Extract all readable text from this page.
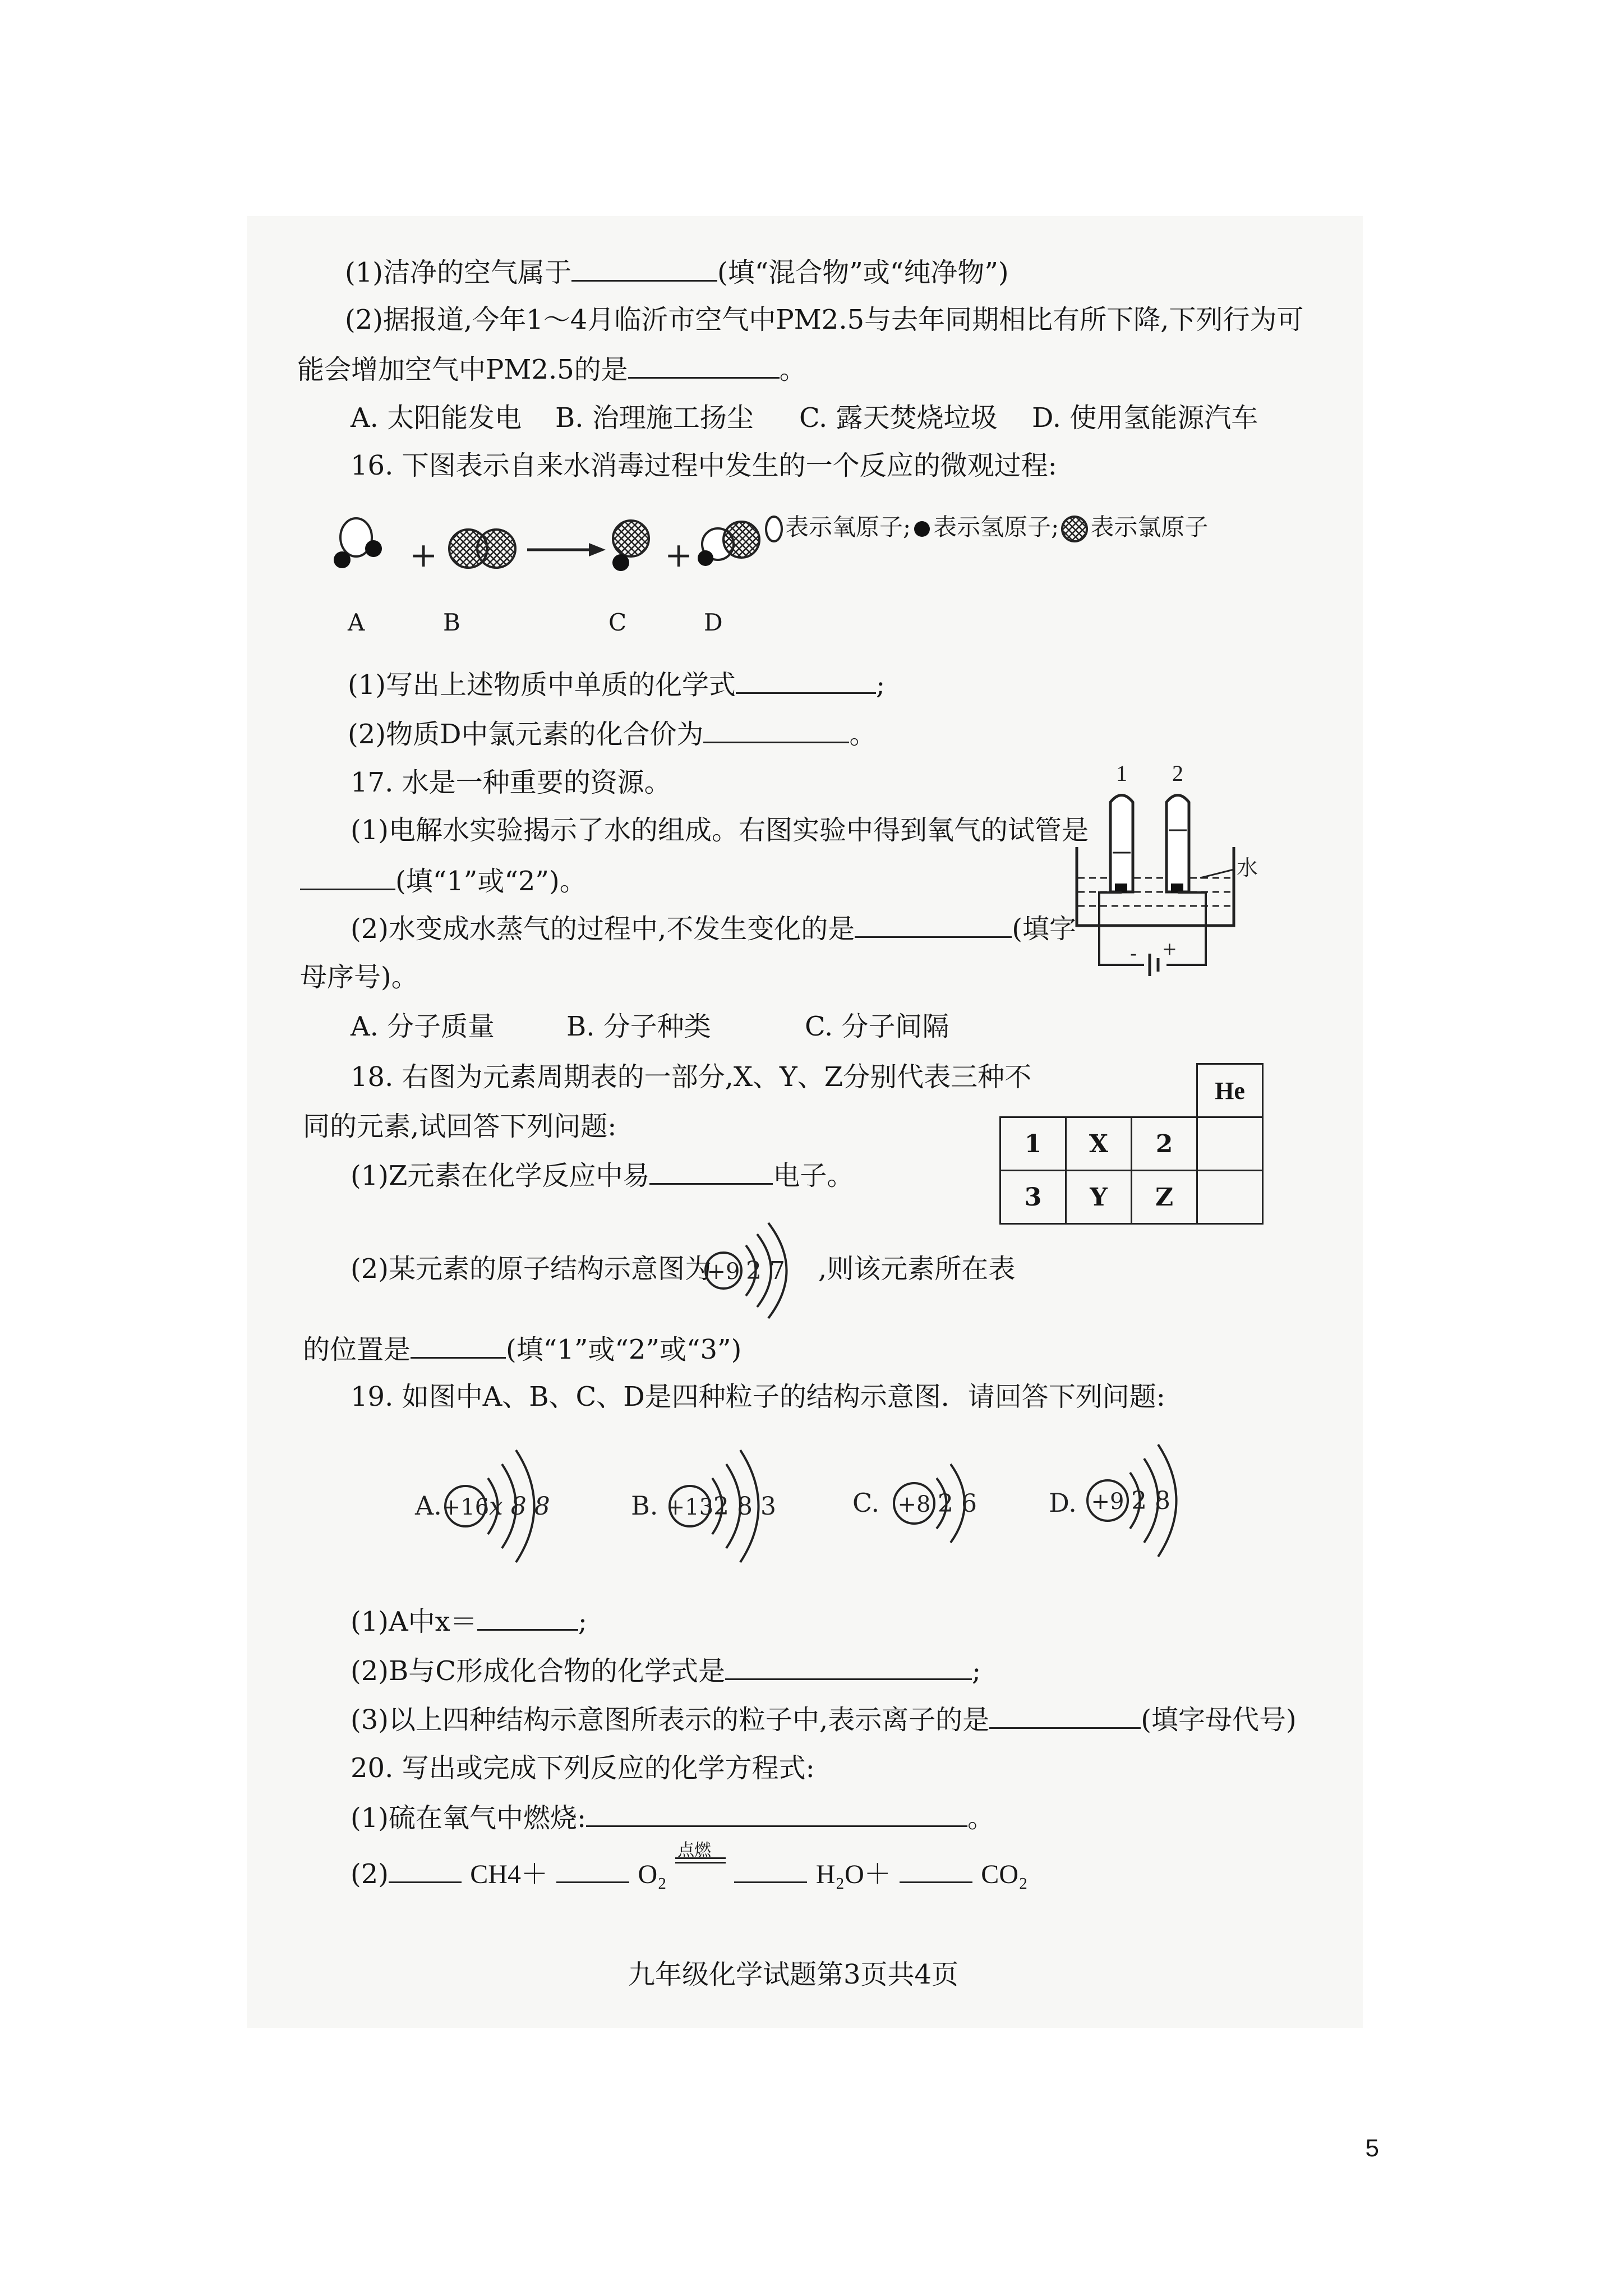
(1)洁净的空气属于	(填“混合物”或“纯净物”)
(2)据报道,今年1～4月临沂市空气中PM2.5与去年同期相比有所下降,下列行为可
能会增加空气中PM2.5的是	。
A. 太阳能发电 B. 治理施工扬尘 C. 露天焚烧垃圾 D. 使用氢能源汽车
16. 下图表示自来水消毒过程中发生的一个反应的微观过程:
+	+
表示氧原子; 表示氢原子; 表示氯原子
A	B	C	D
(1)写出上述物质中单质的化学式	;
(2)物质D中氯元素的化合价为	。
17. 水是一种重要的资源。
(1)电解水实验揭示了水的组成。右图实验中得到氧气的试管是
(填“1”或“2”)。
(2)水变成水蒸气的过程中,不发生变化的是	(填字
母序号)。
A. 分子质量	B. 分子种类	C. 分子间隔
1 2
- +
水
18. 右图为元素周期表的一部分,X、Y、Z分别代表三种不
同的元素,试回答下列问题:
(1)Z元素在化学反应中易	电子。
			He
1	X	2	
3	Y	Z	
(2)某元素的原子结构示意图为	,则该元素所在表
+9 2 7
的位置是	(填“1”或“2”或“3”)
19. 如图中A、B、C、D是四种粒子的结构示意图．请回答下列问题:
A. +16 x 8 8	B. +13 2 8 3	C. +8 2 6	D. +9 2 8
(1)A中x＝	;
(2)B与C形成化合物的化学式是	;
(3)以上四种结构示意图所表示的粒子中,表示离子的是	(填字母代号)
20. 写出或完成下列反应的化学方程式:
(1)硫在氧气中燃烧:	。
(2)	CH4＋	O₂
点燃
H₂O＋	CO₂
九年级化学试题第3页共4页
5
